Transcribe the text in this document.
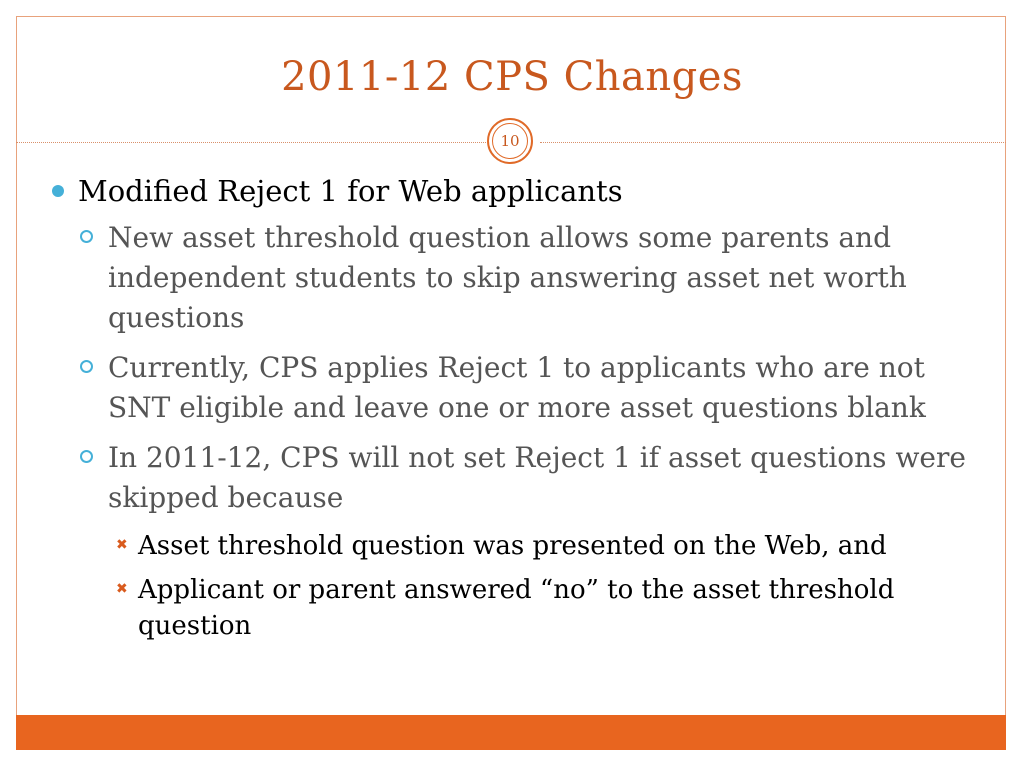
2011-12 CPS Changes
10
Modified Reject 1 for Web applicants
New asset threshold question allows some parents and independent students to skip answering asset net worth questions
Currently, CPS applies Reject 1 to applicants who are not SNT eligible and leave one or more asset questions blank
In 2011-12, CPS will not set Reject 1 if asset questions were skipped because
✖ Asset threshold question was presented on the Web, and
✖ Applicant or parent answered “no” to the asset threshold question
